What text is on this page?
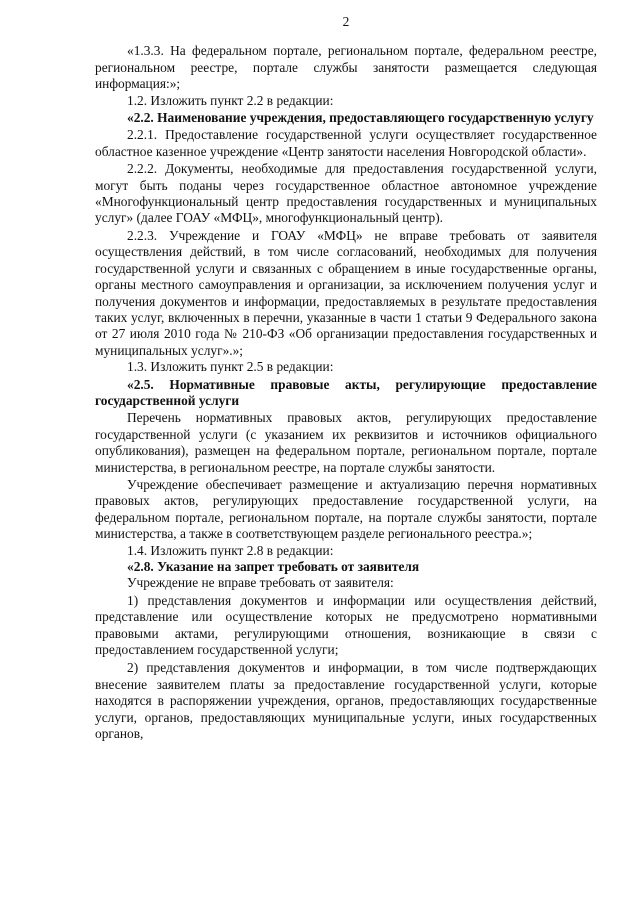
2

«1.3.3. На федеральном портале, региональном портале, федеральном реестре, региональном реестре, портале службы занятости размещается следующая информация:»;

1.2. Изложить пункт 2.2 в редакции:

«2.2. Наименование учреждения, предоставляющего государственную услугу

2.2.1. Предоставление государственной услуги осуществляет государственное областное казенное учреждение «Центр занятости населения Новгородской области».

2.2.2. Документы, необходимые для предоставления государственной услуги, могут быть поданы через государственное областное автономное учреждение «Многофункциональный центр предоставления государственных и муниципальных услуг» (далее ГОАУ «МФЦ», многофункциональный центр).

2.2.3. Учреждение и ГОАУ «МФЦ» не вправе требовать от заявителя осуществления действий, в том числе согласований, необходимых для получения государственной услуги и связанных с обращением в иные государственные органы, органы местного самоуправления и организации, за исключением получения услуг и получения документов и информации, предоставляемых в результате предоставления таких услуг, включенных в перечни, указанные в части 1 статьи 9 Федерального закона от 27 июля 2010 года № 210-ФЗ «Об организации предоставления государственных и муниципальных услуг».»;

1.3. Изложить пункт 2.5 в редакции:

«2.5. Нормативные правовые акты, регулирующие предоставление государственной услуги

Перечень нормативных правовых актов, регулирующих предоставление государственной услуги (с указанием их реквизитов и источников официального опубликования), размещен на федеральном портале, региональном портале, портале министерства, в региональном реестре, на портале службы занятости.

Учреждение обеспечивает размещение и актуализацию перечня нормативных правовых актов, регулирующих предоставление государственной услуги, на федеральном портале, региональном портале, на портале службы занятости, портале министерства, а также в соответствующем разделе регионального реестра.»;

1.4. Изложить пункт 2.8 в редакции:

«2.8. Указание на запрет требовать от заявителя

Учреждение не вправе требовать от заявителя:

1) представления документов и информации или осуществления действий, представление или осуществление которых не предусмотрено нормативными правовыми актами, регулирующими отношения, возникающие в связи с предоставлением государственной услуги;

2) представления документов и информации, в том числе подтверждающих внесение заявителем платы за предоставление государственной услуги, которые находятся в распоряжении учреждения, органов, предоставляющих государственные услуги, органов, предоставляющих муниципальные услуги, иных государственных органов,
